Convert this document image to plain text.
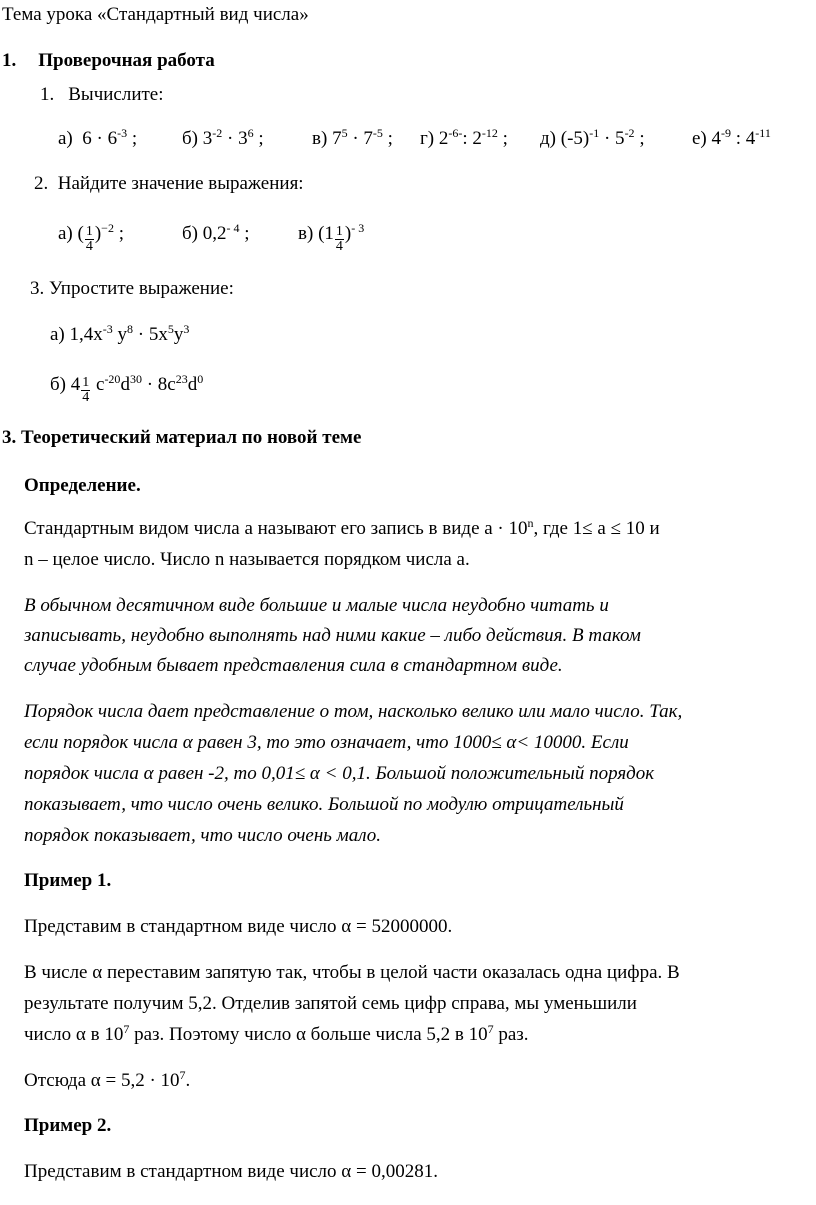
Тема урока «Стандартный вид числа»
1. Проверочная работа
1. Вычислите:
а) $6 \cdot 6^{-3}$ ; б) $3^{-2} \cdot 3^6$ ;	в) $7^5 \cdot 7^{-5}$ ; г) $2^{-6-}$: $2^{-12}$ ; д) $(-5)^{-1} \cdot 5^{-2}$ ; е) $4^{-9}$ : $4^{-11}$
2. Найдите значение выражения:
а) ( $\frac{1}{4} )^{-2}$ ;	б) $0,2^{- 4}$ ;	в) $(1 \frac{1}{4} )^{- 3}$
3. Упростите выражение:
а) $1,4x^{-3}$ $y^8 \cdot 5x^5y^3$
б) $4 \frac{1}{4} c^{-20}d^{30} \cdot 8c^{23}d^0$
3. Теоретический материал по новой теме
Определение.
Стандартным видом числа а называют его запись в виде $а \cdot 10^n$, где 1≤ а ≤ 10 и
n – целое число. Число n называется порядком числа а.
В обычном десятичном виде большие и малые числа неудобно читать и
записывать, неудобно выполнять над ними какие – либо действия. В таком
случае удобным бывает представления сила в стандартном виде.
Порядок числа дает представление о том, насколько велико или мало число. Так,
если порядок числа α равен 3, то это означает, что 1000≤ α< 10000. Если
порядок числа α равен -2, то 0,01≤ α < 0,1. Большой положительный порядок
показывает, что число очень велико. Большой по модулю отрицательный
порядок показывает, что число очень мало.
Пример 1.
Представим в стандартном виде число α = 52000000.
В числе α переставим запятую так, чтобы в целой части оказалась одна цифра. В
результате получим 5,2. Отделив запятой семь цифр справа, мы уменьшили
число α в $10^7$ раз. Поэтому число α больше числа 5,2 в $10^7$ раз.
Отсюда $\alpha = 5,2 \cdot 10^7$.
Пример 2.
Представим в стандартном виде число α = 0,00281.
